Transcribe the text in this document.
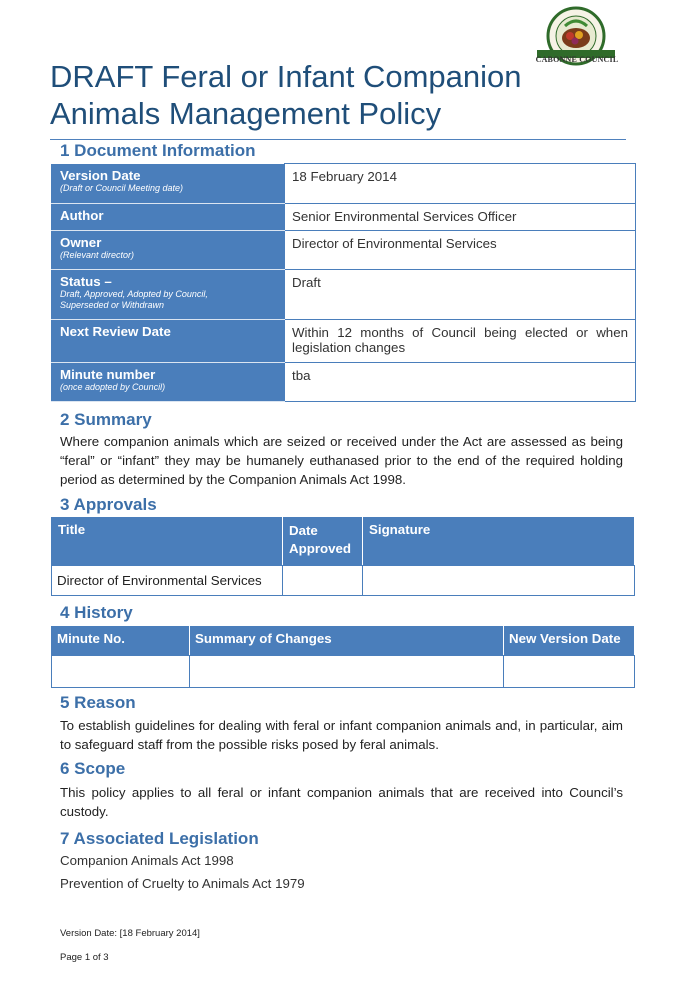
CABONNE COUNCIL
DRAFT Feral or Infant Companion
Animals Management Policy
1 Document Information
Version Date
(Draft or Council Meeting date)	18 February 2014

Author	Senior Environmental Services Officer

Owner
(Relevant director)	Director of Environmental Services

Status –
Draft, Approved, Adopted by Council, Superseded or Withdrawn	Draft

Next Review Date	Within 12 months of Council being elected or when legislation changes

Minute number
(once adopted by Council)	tba
2 Summary

Where companion animals which are seized or received under the Act are assessed as being “feral” or “infant” they may be humanely euthanased prior to the end of the required holding period as determined by the Companion Animals Act 1998.

3 Approvals
Title	Date Approved	Signature
Director of Environmental Services		
4 History
Minute No.	Summary of Changes	New Version Date

5 Reason

To establish guidelines for dealing with feral or infant companion animals and, in particular, aim to safeguard staff from the possible risks posed by feral animals.

6 Scope

This policy applies to all feral or infant companion animals that are received into Council’s custody.

7 Associated Legislation

Companion Animals Act 1998

Prevention of Cruelty to Animals Act 1979

Version Date: [18 February 2014]

Page 1 of 3
